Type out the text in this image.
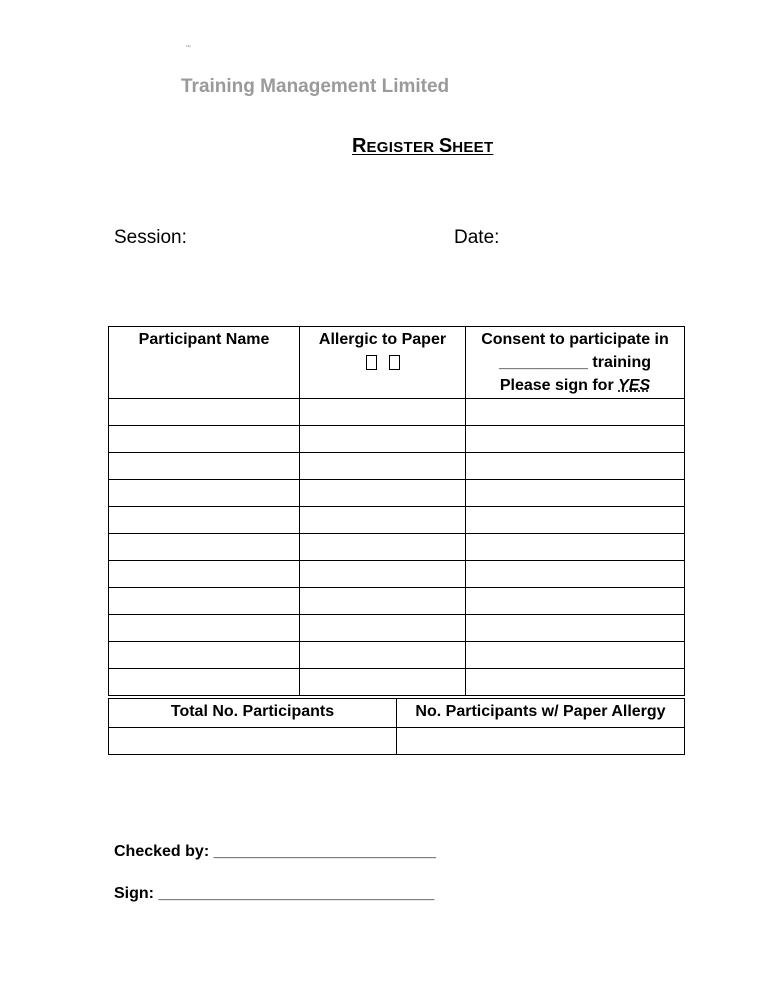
™
Training Management Limited
REGISTER SHEET
Session:	Date:
Participant Name	Allergic to Paper	Consent to participate in
__________ training
Please sign for YES

Total No. Participants	No. Participants w/ Paper Allergy

Checked by: _________________________
Sign: _______________________________
